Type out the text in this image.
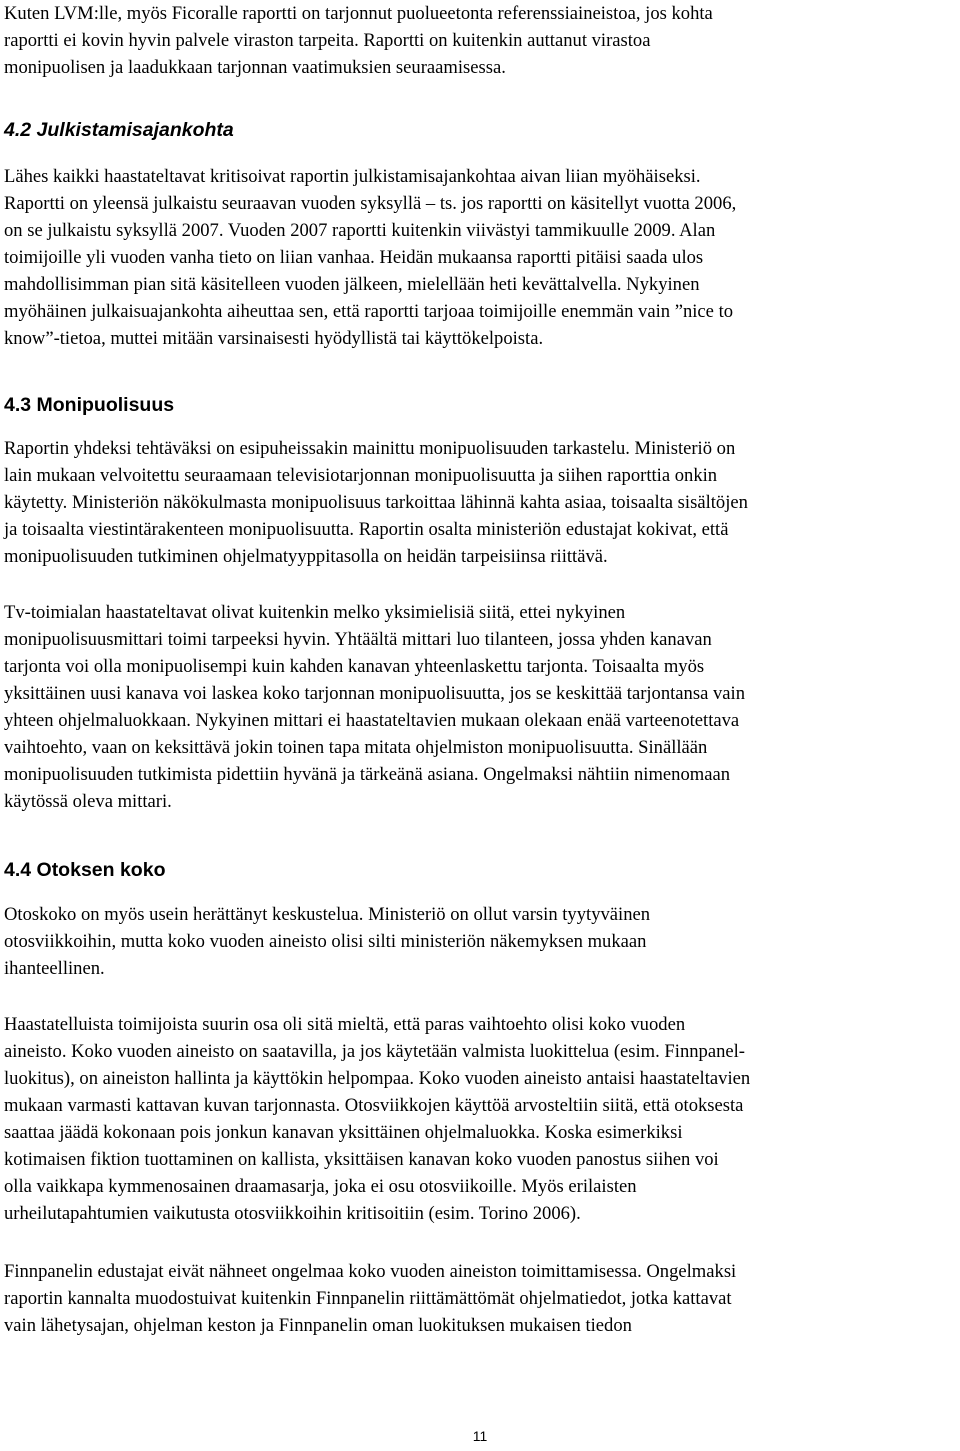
Kuten LVM:lle, myös Ficoralle raportti on tarjonnut puolueetonta referenssiaineistoa, jos kohta
raportti ei kovin hyvin palvele viraston tarpeita. Raportti on kuitenkin auttanut virastoa
monipuolisen ja laadukkaan tarjonnan vaatimuksien seuraamisessa.
4.2 Julkistamisajankohta
Lähes kaikki haastateltavat kritisoivat raportin julkistamisajankohtaa aivan liian myöhäiseksi.
Raportti on yleensä julkaistu seuraavan vuoden syksyllä – ts. jos raportti on käsitellyt vuotta 2006,
on se julkaistu syksyllä 2007. Vuoden 2007 raportti kuitenkin viivästyi tammikuulle 2009. Alan
toimijoille yli vuoden vanha tieto on liian vanhaa. Heidän mukaansa raportti pitäisi saada ulos
mahdollisimman pian sitä käsitelleen vuoden jälkeen, mielellään heti kevättalvella. Nykyinen
myöhäinen julkaisuajankohta aiheuttaa sen, että raportti tarjoaa toimijoille enemmän vain ”nice to
know”-tietoa, muttei mitään varsinaisesti hyödyllistä tai käyttökelpoista.
4.3 Monipuolisuus
Raportin yhdeksi tehtäväksi on esipuheissakin mainittu monipuolisuuden tarkastelu. Ministeriö on
lain mukaan velvoitettu seuraamaan televisiotarjonnan monipuolisuutta ja siihen raporttia onkin
käytetty. Ministeriön näkökulmasta monipuolisuus tarkoittaa lähinnä kahta asiaa, toisaalta sisältöjen
ja toisaalta viestintärakenteen monipuolisuutta. Raportin osalta ministeriön edustajat kokivat, että
monipuolisuuden tutkiminen ohjelmatyyppitasolla on heidän tarpeisiinsa riittävä.
Tv-toimialan haastateltavat olivat kuitenkin melko yksimielisiä siitä, ettei nykyinen
monipuolisuusmittari toimi tarpeeksi hyvin. Yhtäältä mittari luo tilanteen, jossa yhden kanavan
tarjonta voi olla monipuolisempi kuin kahden kanavan yhteenlaskettu tarjonta. Toisaalta myös
yksittäinen uusi kanava voi laskea koko tarjonnan monipuolisuutta, jos se keskittää tarjontansa vain
yhteen ohjelmaluokkaan. Nykyinen mittari ei haastateltavien mukaan olekaan enää varteenotettava
vaihtoehto, vaan on keksittävä jokin toinen tapa mitata ohjelmiston monipuolisuutta. Sinällään
monipuolisuuden tutkimista pidettiin hyvänä ja tärkeänä asiana. Ongelmaksi nähtiin nimenomaan
käytössä oleva mittari.
4.4 Otoksen koko
Otoskoko on myös usein herättänyt keskustelua. Ministeriö on ollut varsin tyytyväinen
otosviikkoihin, mutta koko vuoden aineisto olisi silti ministeriön näkemyksen mukaan
ihanteellinen.
Haastatelluista toimijoista suurin osa oli sitä mieltä, että paras vaihtoehto olisi koko vuoden
aineisto. Koko vuoden aineisto on saatavilla, ja jos käytetään valmista luokittelua (esim. Finnpanel-
luokitus), on aineiston hallinta ja käyttökin helpompaa. Koko vuoden aineisto antaisi haastateltavien
mukaan varmasti kattavan kuvan tarjonnasta. Otosviikkojen käyttöä arvosteltiin siitä, että otoksesta
saattaa jäädä kokonaan pois jonkun kanavan yksittäinen ohjelmaluokka. Koska esimerkiksi
kotimaisen fiktion tuottaminen on kallista, yksittäisen kanavan koko vuoden panostus siihen voi
olla vaikkapa kymmenosainen draamasarja, joka ei osu otosviikoille. Myös erilaisten
urheilutapahtumien vaikutusta otosviikkoihin kritisoitiin (esim. Torino 2006).
Finnpanelin edustajat eivät nähneet ongelmaa koko vuoden aineiston toimittamisessa. Ongelmaksi
raportin kannalta muodostuivat kuitenkin Finnpanelin riittämättömät ohjelmatiedot, jotka kattavat
vain lähetysajan, ohjelman keston ja Finnpanelin oman luokituksen mukaisen tiedon
11
